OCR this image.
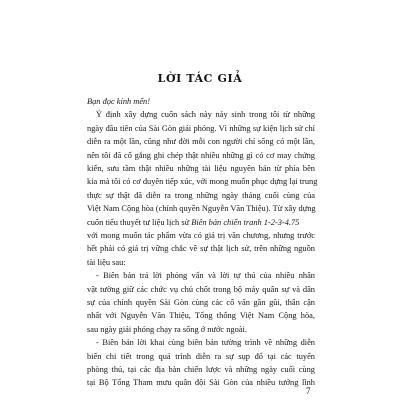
LỜI TÁC GIẢ
7
Bạn đọc kính mến!
Ý định xây dựng cuốn sách này nảy sinh trong tôi từ những
ngày đầu tiên của Sài Gòn giải phóng. Vì những sự kiện lịch sử chỉ
diễn ra một lần, cũng như đời mỗi con người chỉ sống có một lần,
nên tôi đã cố gắng ghi chép thật nhiều những gì có cơ may chứng
kiến, sưu tầm thật nhiều những tài liệu nguyên bản từ phía bên
kia mà tôi có cơ duyên tiếp xúc, với mong muốn phục dựng lại trung
thực sự thật đã diễn ra trong những ngày tháng cuối cùng của
Việt Nam Cộng hòa (chính quyền Nguyễn Văn Thiệu). Từ xây dựng
cuốn tiểu thuyết tư liệu lịch sử Biên bản chiến tranh 1-2-3-4.75
với mong muốn tác phẩm vừa có giá trị văn chương, nhưng trước
hết phải có giá trị vững chắc về sự thật lịch sử, trên những nguồn
tài liệu sau:
- Biên bản trả lời phỏng vấn và lời tự thú của nhiều nhân
vật tường giữ các chức vụ chủ chốt trong bộ máy quân sự và dân
sự của chính quyền Sài Gòn cùng các cố vấn gần gũi, thân cận
nhất với Nguyễn Văn Thiệu, Tổng thống Việt Nam Cộng hòa,
sau ngày giải phóng chạy ra sống ở nước ngoài.
- Biên bản lời khai cùng biên bản tường trình về những diễn
biến chi tiết trong quá trình diễn ra sự sụp đổ tại các tuyến
phòng thủ, tại các địa bàn chiến lược và những ngày cuối cùng
tại Bộ Tổng Tham mưu quân đội Sài Gòn của nhiều tướng lĩnh
